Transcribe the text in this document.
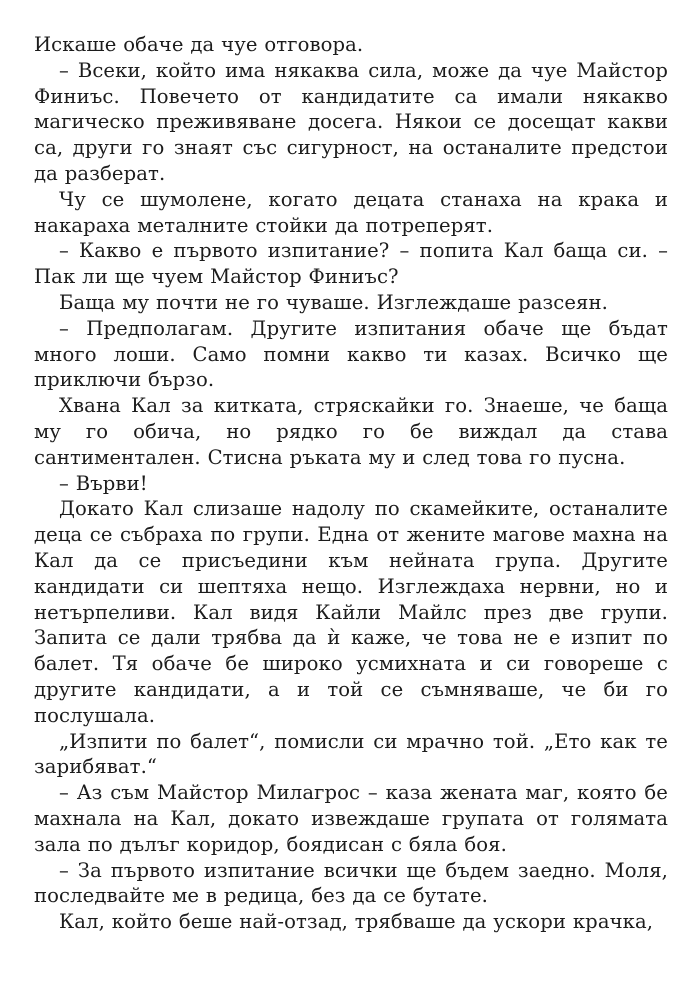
Искаше обаче да чуе отговора.

– Всеки, който има някаква сила, може да чуе Майстор Финиъс. Повечето от кандидатите са имали някакво магическо преживяване досега. Някои се досещат какви са, други го знаят със сигурност, на останалите предстои да разберат.

Чу се шумолене, когато децата станаха на крака и накараха металните стойки да потреперят.

– Какво е първото изпитание? – попита Кал баща си. – Пак ли ще чуем Майстор Финиъс?

Баща му почти не го чуваше. Изглеждаше разсеян.

– Предполагам. Другите изпитания обаче ще бъдат много лоши. Само помни какво ти казах. Всичко ще приключи бързо.

Хвана Кал за китката, стряскайки го. Знаеше, че баща му го обича, но рядко го бе виждал да става сантиментален. Стисна ръката му и след това го пусна.

– Върви!

Докато Кал слизаше надолу по скамейките, останалите деца се събраха по групи. Една от жените магове махна на Кал да се присъедини към нейната група. Другите кандидати си шептяха нещо. Изглеждаха нервни, но и нетърпеливи. Кал видя Кайли Майлс през две групи. Запита се дали трябва да ѝ каже, че това не е изпит по балет. Тя обаче бе широко усмихната и си говореше с другите кандидати, а и той се съмняваше, че би го послушала.

„Изпити по балет“, помисли си мрачно той. „Ето как те зарибяват.“

– Аз съм Майстор Милагрос – каза жената маг, която бе махнала на Кал, докато извеждаше групата от голямата зала по дълъг коридор, боядисан с бяла боя.

– За първото изпитание всички ще бъдем заедно. Моля, последвайте ме в редица, без да се бутате.

Кал, който беше най-отзад, трябваше да ускори крачка,
